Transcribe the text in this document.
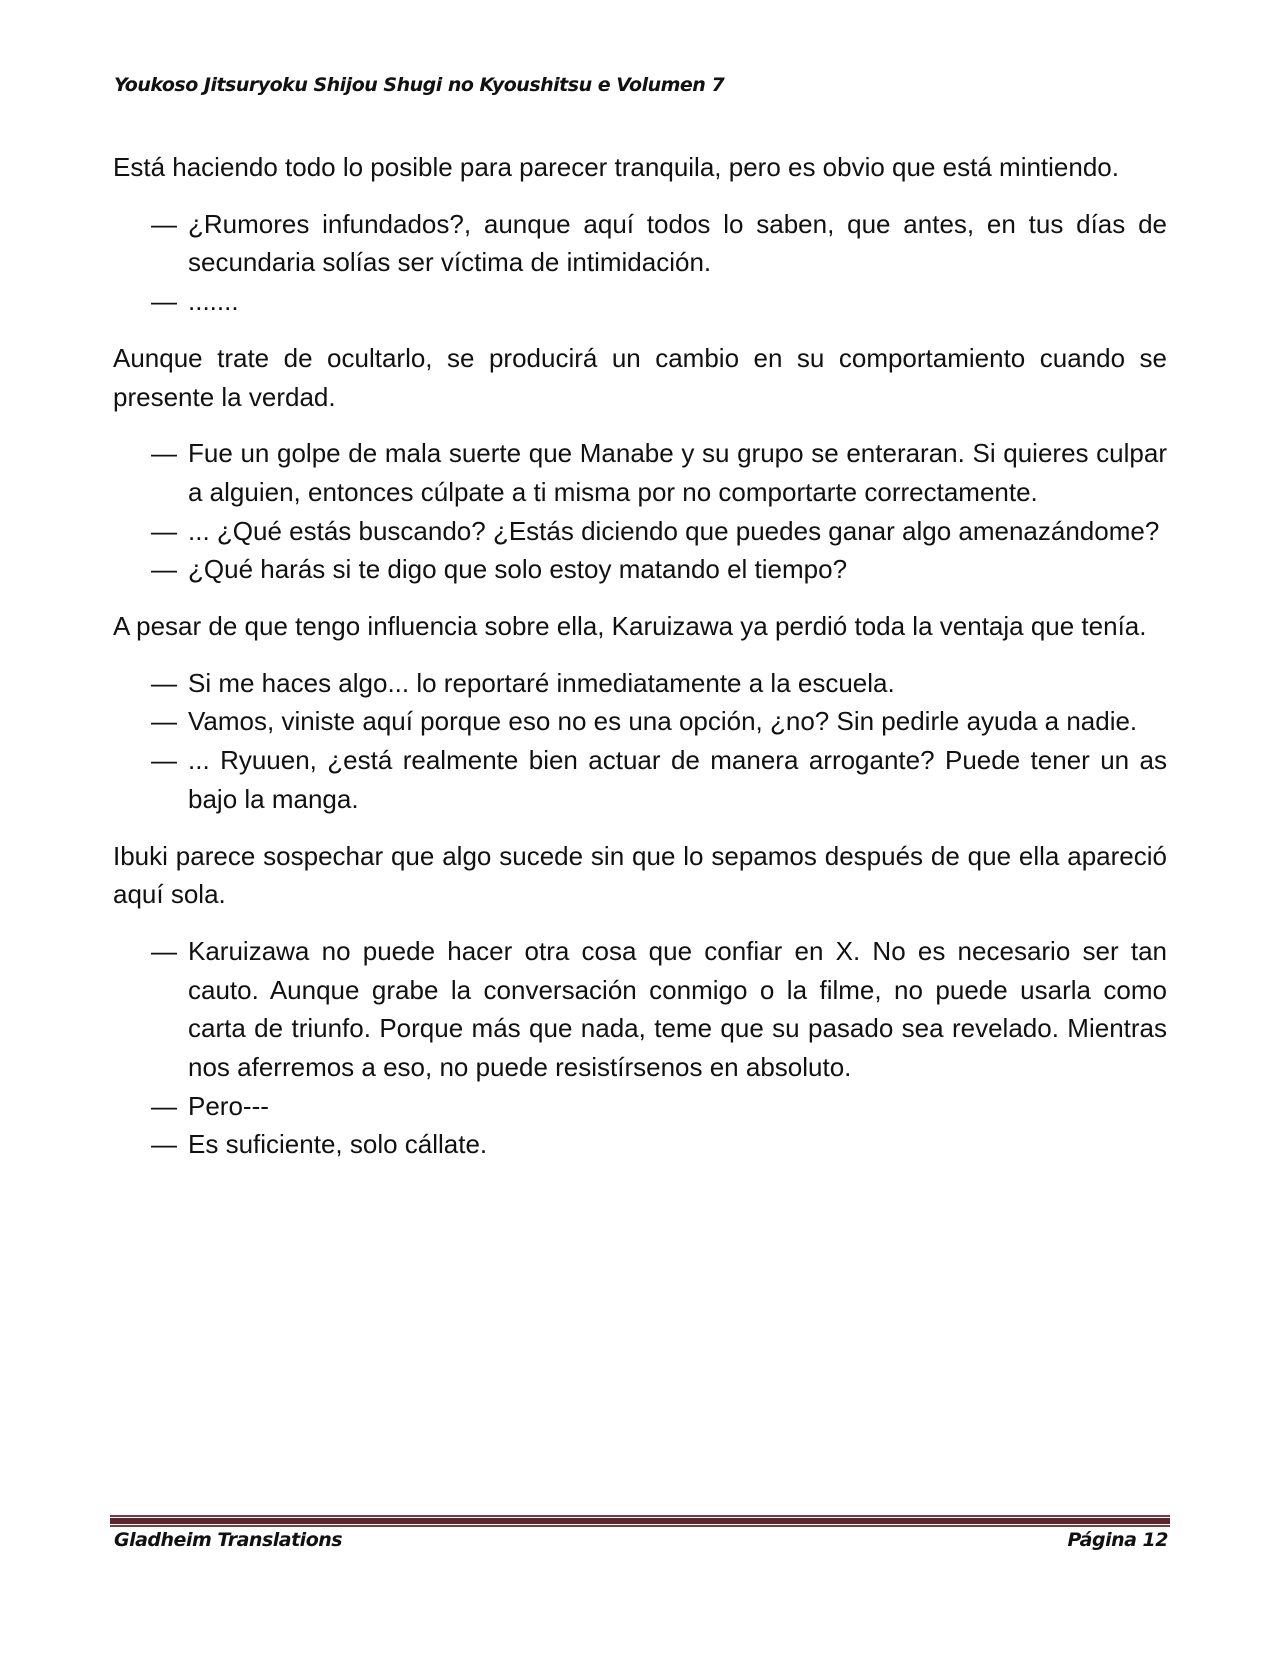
Youkoso Jitsuryoku Shijou Shugi no Kyoushitsu e Volumen 7
Está haciendo todo lo posible para parecer tranquila, pero es obvio que está mintiendo.
— ¿Rumores infundados?, aunque aquí todos lo saben, que antes, en tus días de secundaria solías ser víctima de intimidación.
— .......
Aunque trate de ocultarlo, se producirá un cambio en su comportamiento cuando se presente la verdad.
— Fue un golpe de mala suerte que Manabe y su grupo se enteraran. Si quieres culpar a alguien, entonces cúlpate a ti misma por no comportarte correctamente.
— ... ¿Qué estás buscando? ¿Estás diciendo que puedes ganar algo amenazándome?
— ¿Qué harás si te digo que solo estoy matando el tiempo?
A pesar de que tengo influencia sobre ella, Karuizawa ya perdió toda la ventaja que tenía.
— Si me haces algo... lo reportaré inmediatamente a la escuela.
— Vamos, viniste aquí porque eso no es una opción, ¿no? Sin pedirle ayuda a nadie.
— ... Ryuuen, ¿está realmente bien actuar de manera arrogante? Puede tener un as bajo la manga.
Ibuki parece sospechar que algo sucede sin que lo sepamos después de que ella apareció aquí sola.
— Karuizawa no puede hacer otra cosa que confiar en X. No es necesario ser tan cauto. Aunque grabe la conversación conmigo o la filme, no puede usarla como carta de triunfo. Porque más que nada, teme que su pasado sea revelado. Mientras nos aferremos a eso, no puede resistírsenos en absoluto.
— Pero---
— Es suficiente, solo cállate.
Gladheim Translations	Página 12
